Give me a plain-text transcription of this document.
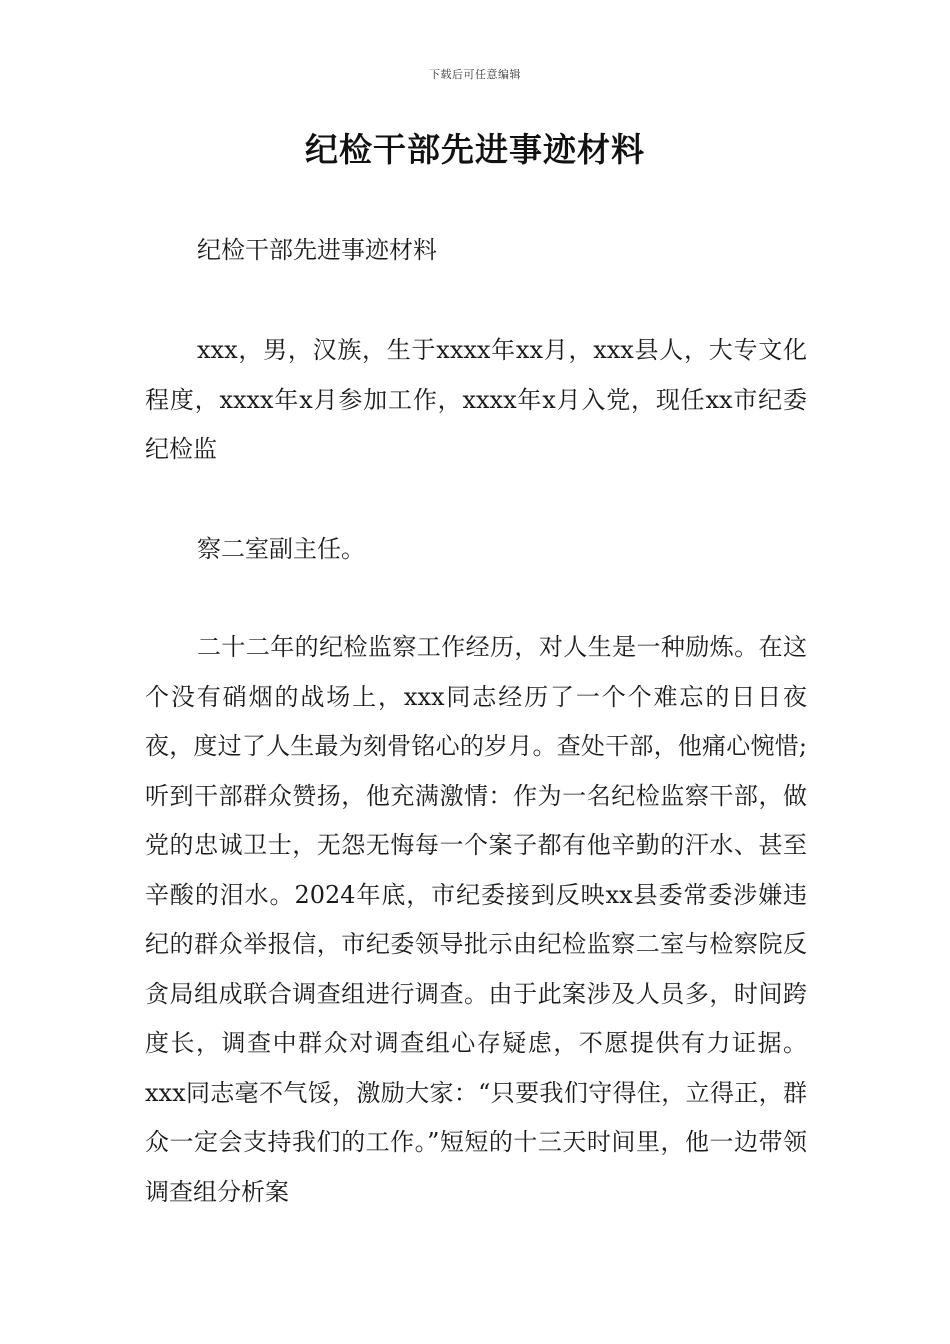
下载后可任意编辑
纪检干部先进事迹材料

纪检干部先进事迹材料

xxx，男，汉族，生于xxxx年xx月，xxx县人，大专文化程度，xxxx年x月参加工作，xxxx年x月入党，现任xx市纪委纪检监

察二室副主任。

二十二年的纪检监察工作经历，对人生是一种励炼。在这个没有硝烟的战场上，xxx同志经历了一个个难忘的日日夜夜，度过了人生最为刻骨铭心的岁月。查处干部，他痛心惋惜;听到干部群众赞扬，他充满激情：作为一名纪检监察干部，做党的忠诚卫士，无怨无悔每一个案子都有他辛勤的汗水、甚至辛酸的泪水。2024年底，市纪委接到反映xx县委常委涉嫌违纪的群众举报信，市纪委领导批示由纪检监察二室与检察院反贪局组成联合调查组进行调查。由于此案涉及人员多，时间跨度长，调查中群众对调查组心存疑虑，不愿提供有力证据。xxx同志毫不气馁，激励大家：“只要我们守得住，立得正，群众一定会支持我们的工作。”短短的十三天时间里，他一边带领调查组分析案
